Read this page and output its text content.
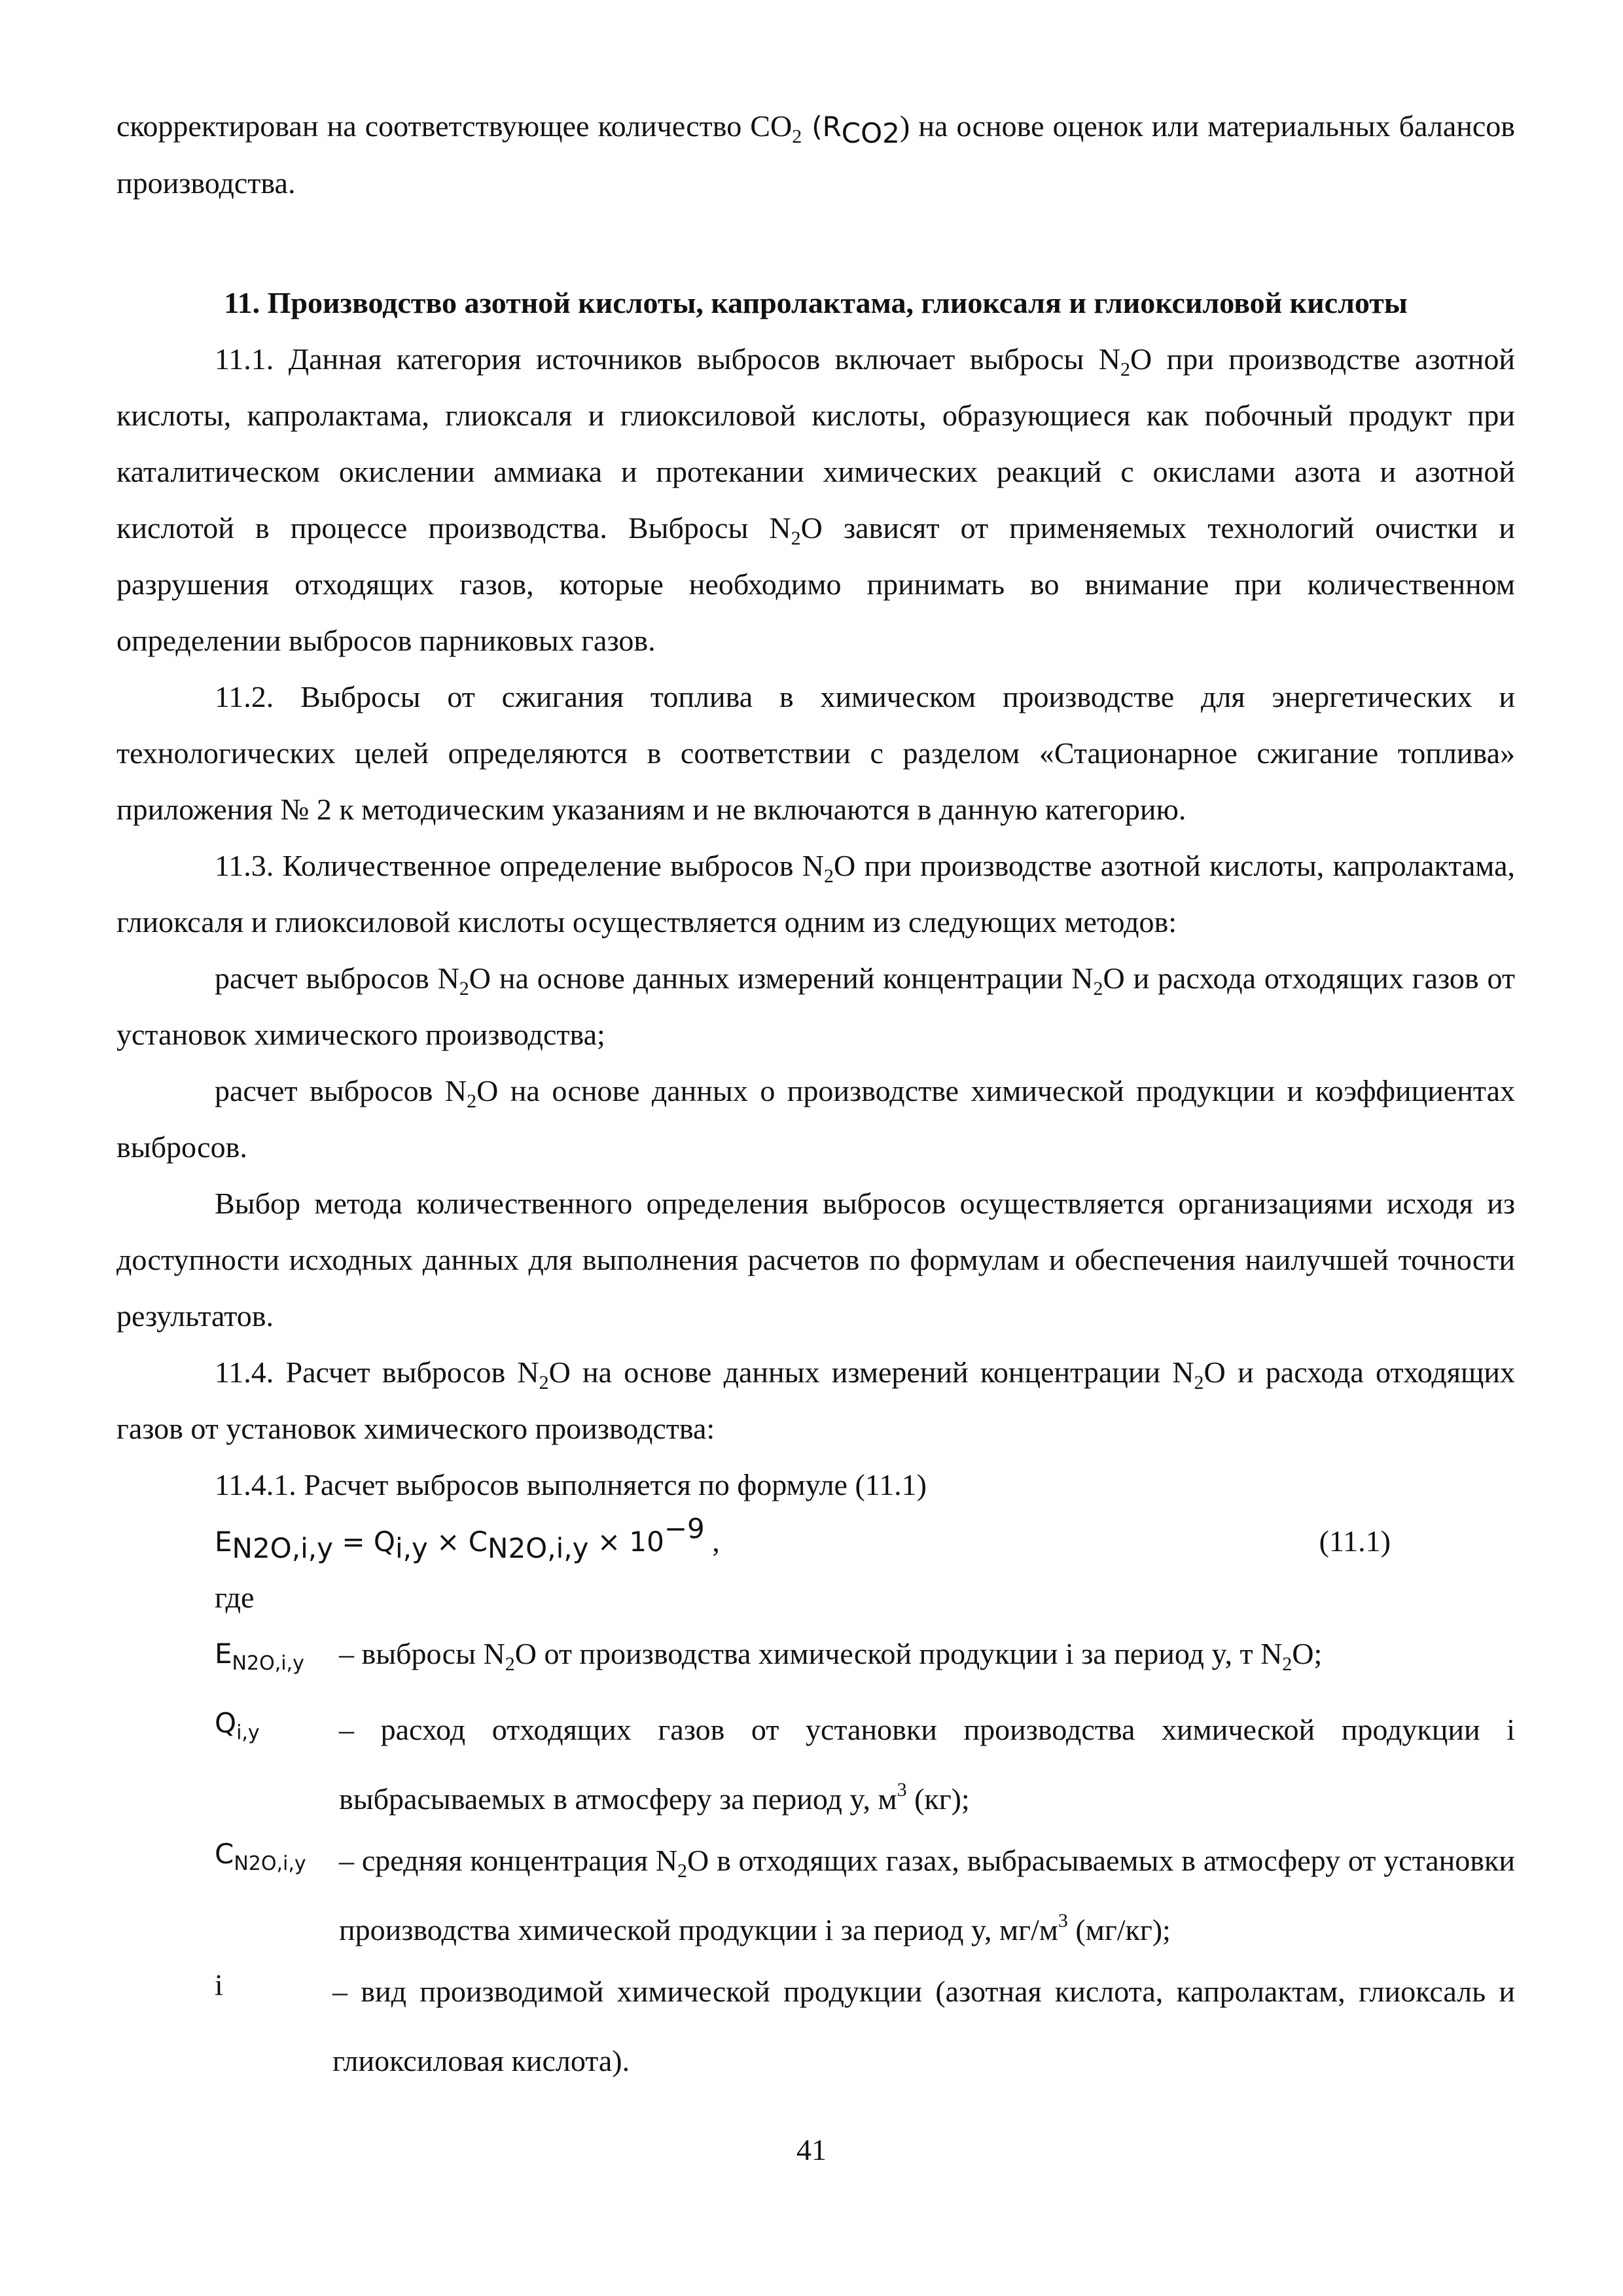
скорректирован на соответствующее количество $CO_2$ $(R_{CO2})$ на основе оценок или материальных балансов производства.

11. Производство азотной кислоты, капролактама, глиоксаля и глиоксиловой кислоты

11.1. Данная категория источников выбросов включает выбросы $N_2O$ при производстве азотной кислоты, капролактама, глиоксаля и глиоксиловой кислоты, образующиеся как побочный продукт при каталитическом окислении аммиака и протекании химических реакций с окислами азота и азотной кислотой в процессе производства. Выбросы $N_2O$ зависят от применяемых технологий очистки и разрушения отходящих газов, которые необходимо принимать во внимание при количественном определении выбросов парниковых газов.

11.2. Выбросы от сжигания топлива в химическом производстве для энергетических и технологических целей определяются в соответствии с разделом «Стационарное сжигание топлива» приложения № 2 к методическим указаниям и не включаются в данную категорию.

11.3. Количественное определение выбросов $N_2O$ при производстве азотной кислоты, капролактама, глиоксаля и глиоксиловой кислоты осуществляется одним из следующих методов:

расчет выбросов $N_2O$ на основе данных измерений концентрации $N_2O$ и расхода отходящих газов от установок химического производства;

расчет выбросов $N_2O$ на основе данных о производстве химической продукции и коэффициентах выбросов.

Выбор метода количественного определения выбросов осуществляется организациями исходя из доступности исходных данных для выполнения расчетов по формулам и обеспечения наилучшей точности результатов.

11.4. Расчет выбросов $N_2O$ на основе данных измерений концентрации $N_2O$ и расхода отходящих газов от установок химического производства:

11.4.1. Расчет выбросов выполняется по формуле (11.1)

$E_{N2O,i,y} = Q_{i,y} \times C_{N2O,i,y} \times 10^{-9}$ ,	(11.1)
где
$E_{N2O,i,y}$ – выбросы $N_2O$ от производства химической продукции i за период y, т $N_2O$;
$Q_{i,y}$	– расход отходящих газов от установки производства химической продукции i выбрасываемых в атмосферу за период y, $м^3$ (кг);
$C_{N2O,i,y}$ – средняя концентрация $N_2O$ в отходящих газах, выбрасываемых в атмосферу от установки производства химической продукции i за период y, $мг/м^3$ (мг/кг);
i	– вид производимой химической продукции (азотная кислота, капролактам, глиоксаль и глиоксиловая кислота).
41
